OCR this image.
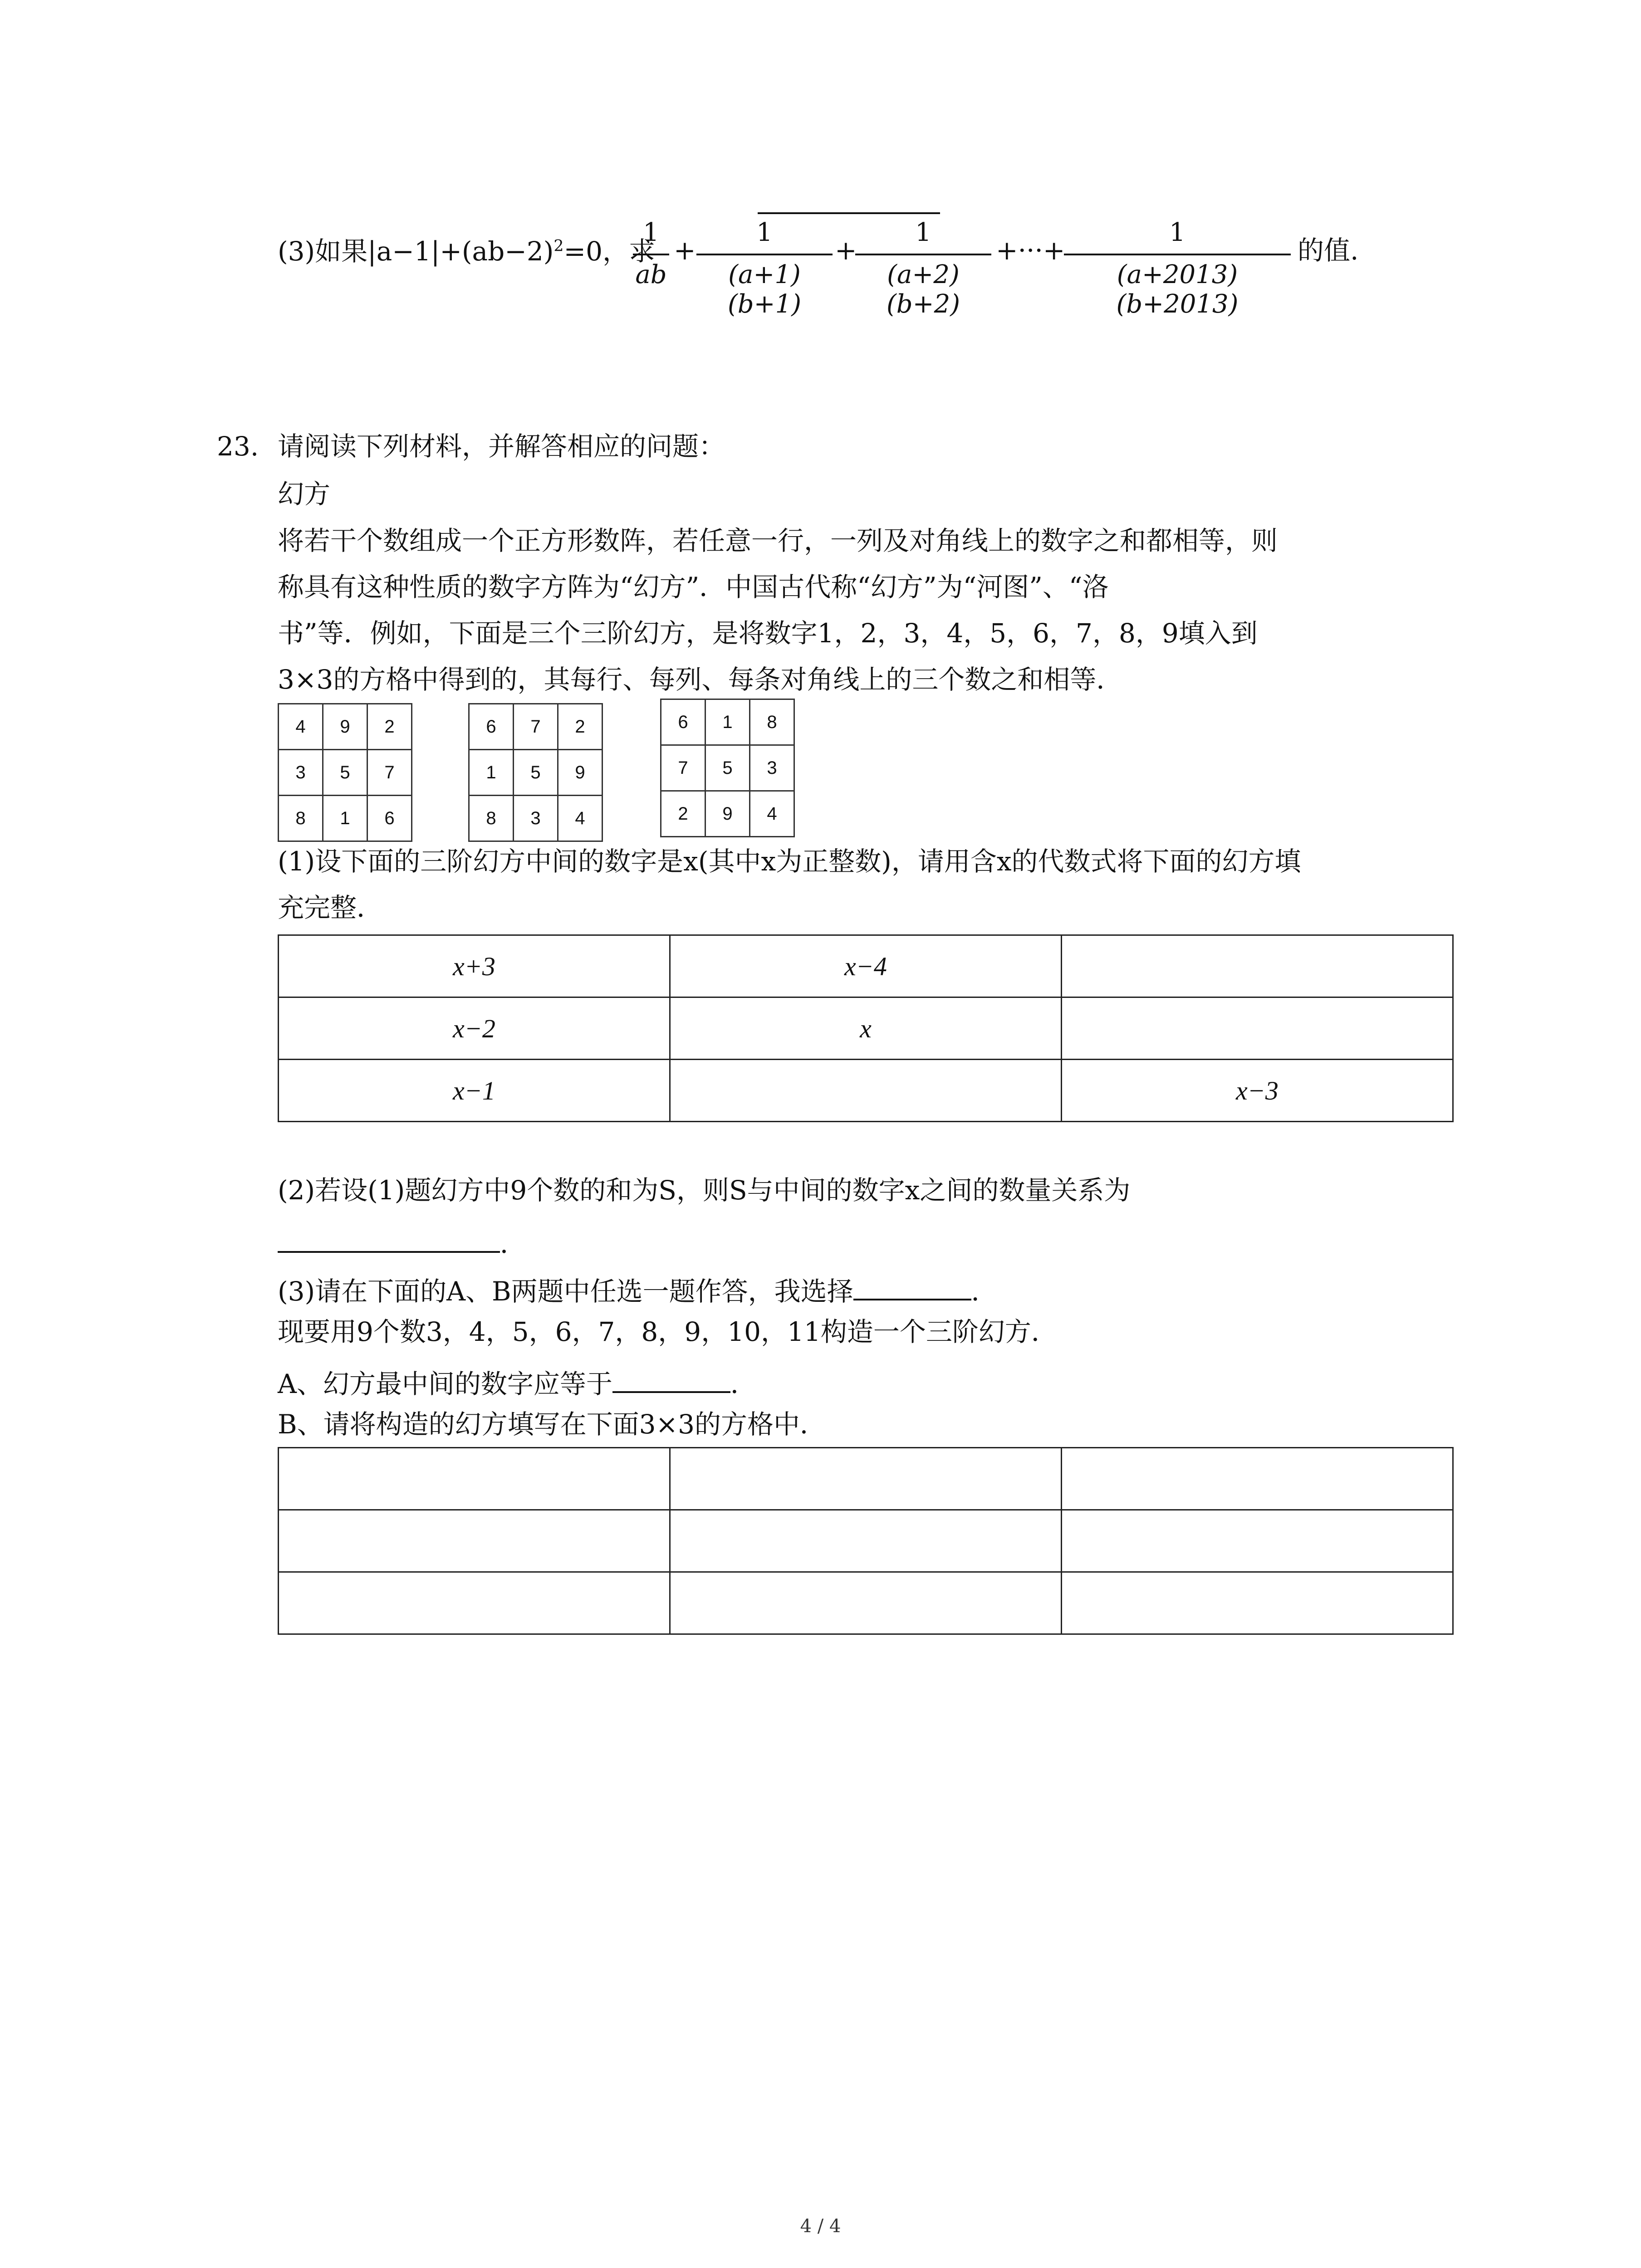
(3)如果$|a-1|+(ab-2)^2=0$，求
1
ab
+
1
(a+1)(b+1)
+
1
(a+2)(b+2)
+···+
1
(a+2013)(b+2013)
的值.
23. 请阅读下列材料，并解答相应的问题：
幻方
将若干个数组成一个正方形数阵，若任意一行，一列及对角线上的数字之和都相等，则
称具有这种性质的数字方阵为“幻方”．中国古代称“幻方”为“河图”、“洛
书”等．例如，下面是三个三阶幻方，是将数字1，2，3，4，5，6，7，8，9填入到
3×3的方格中得到的，其每行、每列、每条对角线上的三个数之和相等．
4	9	2
3	5	7
8	1	6
6	7	2
1	5	9
8	3	4
6	1	8
7	5	3
2	9	4
(1)设下面的三阶幻方中间的数字是x(其中x为正整数)，请用含x的代数式将下面的幻方填
充完整．
x+3	x−4	
x−2	x	
x−1		x−3
(2)若设(1)题幻方中9个数的和为S，则S与中间的数字x之间的数量关系为
．
(3)请在下面的A、B两题中任选一题作答，我选择	．
现要用9个数3，4，5，6，7，8，9，10，11构造一个三阶幻方．
A、幻方最中间的数字应等于	．
B、请将构造的幻方填写在下面3×3的方格中．

4 / 4
